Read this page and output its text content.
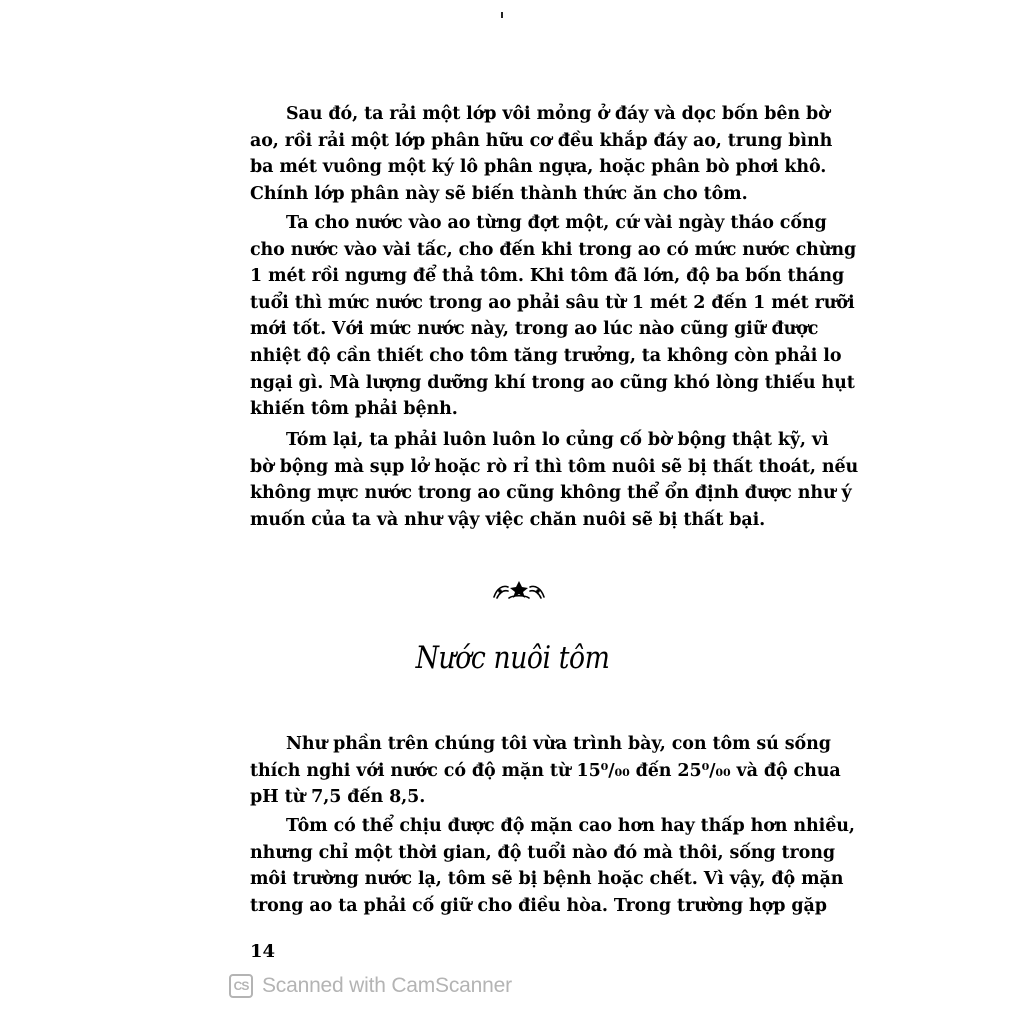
Sau đó, ta rải một lớp vôi mỏng ở đáy và dọc bốn bên bờ
ao, rồi rải một lớp phân hữu cơ đều khắp đáy ao, trung bình
ba mét vuông một ký lô phân ngựa, hoặc phân bò phơi khô.
Chính lớp phân này sẽ biến thành thức ăn cho tôm.
Ta cho nước vào ao từng đợt một, cứ vài ngày tháo cống
cho nước vào vài tấc, cho đến khi trong ao có mức nước chừng
1 mét rồi ngưng để thả tôm. Khi tôm đã lớn, độ ba bốn tháng
tuổi thì mức nước trong ao phải sâu từ 1 mét 2 đến 1 mét rưỡi
mới tốt. Với mức nước này, trong ao lúc nào cũng giữ được
nhiệt độ cần thiết cho tôm tăng trưởng, ta không còn phải lo
ngại gì. Mà lượng dưỡng khí trong ao cũng khó lòng thiếu hụt
khiến tôm phải bệnh.
Tóm lại, ta phải luôn luôn lo củng cố bờ bộng thật kỹ, vì
bờ bộng mà sụp lở hoặc rò rỉ thì tôm nuôi sẽ bị thất thoát, nếu
không mực nước trong ao cũng không thể ổn định được như ý
muốn của ta và như vậy việc chăn nuôi sẽ bị thất bại.
Nước nuôi tôm
Như phần trên chúng tôi vừa trình bày, con tôm sú sống
thích nghi với nước có độ mặn từ 15⁰/₀₀ đến 25⁰/₀₀ và độ chua
pH từ 7,5 đến 8,5.
Tôm có thể chịu được độ mặn cao hơn hay thấp hơn nhiều,
nhưng chỉ một thời gian, độ tuổi nào đó mà thôi, sống trong
môi trường nước lạ, tôm sẽ bị bệnh hoặc chết. Vì vậy, độ mặn
trong ao ta phải cố giữ cho điều hòa. Trong trường hợp gặp
14
CS Scanned with CamScanner
